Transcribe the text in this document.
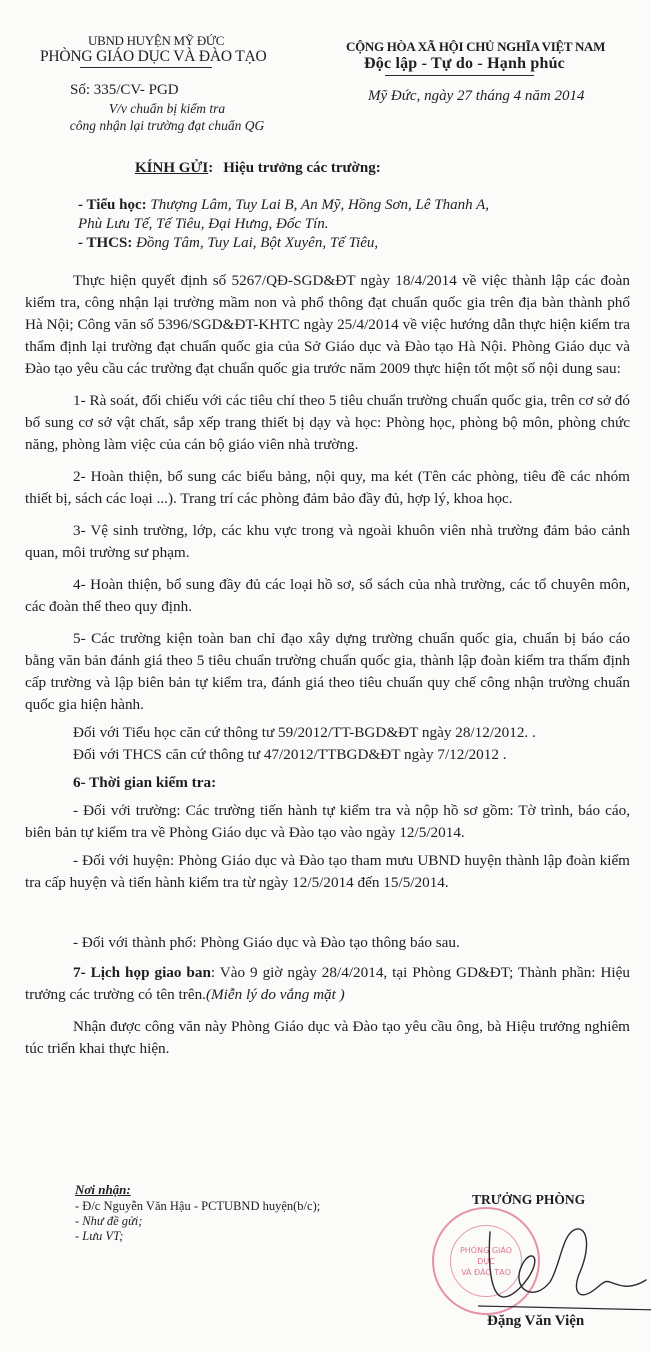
UBND HUYỆN MỸ ĐỨC
PHÒNG GIÁO DỤC VÀ ĐÀO TẠO
Số: 335/CV- PGD
V/v chuẩn bị kiểm tra
công nhận lại trường đạt chuẩn QG
CỘNG HÒA XÃ HỘI CHỦ NGHĨA VIỆT NAM
Độc lập - Tự do - Hạnh phúc
Mỹ Đức, ngày 27 tháng 4 năm 2014
KÍNH GỬI: Hiệu trưởng các trường:
- Tiểu học: Thượng Lâm, Tuy Lai B, An Mỹ, Hồng Sơn, Lê Thanh A,
Phù Lưu Tế, Tế Tiêu, Đại Hưng, Đốc Tín.
- THCS: Đồng Tâm, Tuy Lai, Bột Xuyên, Tế Tiêu,

Thực hiện quyết định số 5267/QĐ-SGD&ĐT ngày 18/4/2014 về việc thành lập các đoàn kiểm tra, công nhận lại trường mầm non và phổ thông đạt chuẩn quốc gia trên địa bàn thành phố Hà Nội; Công văn số 5396/SGD&ĐT-KHTC ngày 25/4/2014 về việc hướng dẫn thực hiện kiểm tra thẩm định lại trường đạt chuẩn quốc gia của Sở Giáo dục và Đào tạo Hà Nội. Phòng Giáo dục và Đào tạo yêu cầu các trường đạt chuẩn quốc gia trước năm 2009 thực hiện tốt một số nội dung sau:

1- Rà soát, đối chiếu với các tiêu chí theo 5 tiêu chuẩn trường chuẩn quốc gia, trên cơ sở đó bổ sung cơ sở vật chất, sắp xếp trang thiết bị dạy và học: Phòng học, phòng bộ môn, phòng chức năng, phòng làm việc của cán bộ giáo viên nhà trường.

2- Hoàn thiện, bổ sung các biểu bảng, nội quy, ma két (Tên các phòng, tiêu đề các nhóm thiết bị, sách các loại ...). Trang trí các phòng đảm bảo đầy đủ, hợp lý, khoa học.

3- Vệ sinh trường, lớp, các khu vực trong và ngoài khuôn viên nhà trường đảm bảo cảnh quan, môi trường sư phạm.

4- Hoàn thiện, bổ sung đầy đủ các loại hồ sơ, sổ sách của nhà trường, các tổ chuyên môn, các đoàn thể theo quy định.

5- Các trường kiện toàn ban chỉ đạo xây dựng trường chuẩn quốc gia, chuẩn bị báo cáo bằng văn bản đánh giá theo 5 tiêu chuẩn trường chuẩn quốc gia, thành lập đoàn kiểm tra thẩm định cấp trường và lập biên bản tự kiểm tra, đánh giá theo tiêu chuẩn quy chế công nhận trường chuẩn quốc gia hiện hành.

Đối với Tiểu học căn cứ thông tư 59/2012/TT-BGD&ĐT ngày 28/12/2012. .

Đối với THCS căn cứ thông tư 47/2012/TTBGD&ĐT ngày 7/12/2012 .

6- Thời gian kiểm tra:

- Đối với trường: Các trường tiến hành tự kiểm tra và nộp hồ sơ gồm: Tờ trình, báo cáo, biên bản tự kiểm tra về Phòng Giáo dục và Đào tạo vào ngày 12/5/2014.

- Đối với huyện: Phòng Giáo dục và Đào tạo tham mưu UBND huyện thành lập đoàn kiểm tra cấp huyện và tiến hành kiểm tra từ ngày 12/5/2014 đến 15/5/2014.

- Đối với thành phố: Phòng Giáo dục và Đào tạo thông báo sau.

7- Lịch họp giao ban: Vào 9 giờ ngày 28/4/2014, tại Phòng GD&ĐT; Thành phần: Hiệu trưởng các trường có tên trên.(Miễn lý do vắng mặt )

Nhận được công văn này Phòng Giáo dục và Đào tạo yêu cầu ông, bà Hiệu trưởng nghiêm túc triển khai thực hiện.

Nơi nhận:
- Đ/c Nguyễn Văn Hậu - PCTUBND huyện(b/c);
- Như đề gửi;
- Lưu VT;
PHÒNG GIÁO DỤC
VÀ ĐÀO TẠO
TRƯỞNG PHÒNG
Đặng Văn Viện
